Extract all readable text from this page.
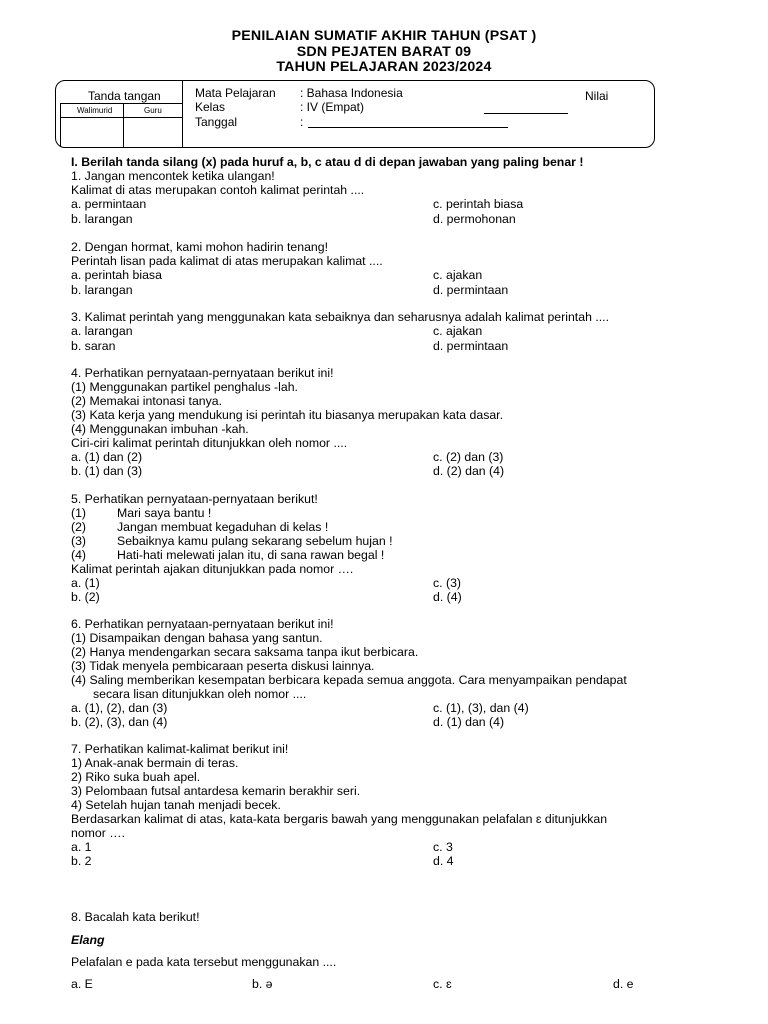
PENILAIAN SUMATIF AKHIR TAHUN (PSAT )
SDN PEJATEN BARAT 09
TAHUN PELAJARAN 2023/2024
Tanda tangan
Walimurid	Guru
Mata Pelajaran : Bahasa Indonesia
Kelas	: IV (Empat)
Tanggal	:
Nilai
I. Berilah tanda silang (x) pada huruf a, b, c atau d di depan jawaban yang paling benar !
1. Jangan mencontek ketika ulangan!
Kalimat di atas merupakan contoh kalimat perintah ....
a. permintaan	c. perintah biasa
b. larangan	d. permohonan
2. Dengan hormat, kami mohon hadirin tenang!
Perintah lisan pada kalimat di atas merupakan kalimat ....
a. perintah biasa	c. ajakan
b. larangan	d. permintaan
3. Kalimat perintah yang menggunakan kata sebaiknya dan seharusnya adalah kalimat perintah ....
a. larangan	c. ajakan
b. saran	d. permintaan
4. Perhatikan pernyataan-pernyataan berikut ini!
(1) Menggunakan partikel penghalus -lah.
(2) Memakai intonasi tanya.
(3) Kata kerja yang mendukung isi perintah itu biasanya merupakan kata dasar.
(4) Menggunakan imbuhan -kah.
Ciri-ciri kalimat perintah ditunjukkan oleh nomor ....
a. (1) dan (2)	c. (2) dan (3)
b. (1) dan (3)	d. (2) dan (4)
5. Perhatikan pernyataan-pernyataan berikut!
(1)	Mari saya bantu !
(2)	Jangan membuat kegaduhan di kelas !
(3)	Sebaiknya kamu pulang sekarang sebelum hujan !
(4)	Hati-hati melewati jalan itu, di sana rawan begal !
Kalimat perintah ajakan ditunjukkan pada nomor ….
a. (1)	c. (3)
b. (2)	d. (4)
6. Perhatikan pernyataan-pernyataan berikut ini!
(1) Disampaikan dengan bahasa yang santun.
(2) Hanya mendengarkan secara saksama tanpa ikut berbicara.
(3) Tidak menyela pembicaraan peserta diskusi lainnya.
(4) Saling memberikan kesempatan berbicara kepada semua anggota. Cara menyampaikan pendapat
secara lisan ditunjukkan oleh nomor ....
a. (1), (2), dan (3)	c. (1), (3), dan (4)
b. (2), (3), dan (4)	d. (1) dan (4)
7. Perhatikan kalimat-kalimat berikut ini!
1) Anak-anak bermain di teras.
2) Riko suka buah apel.
3) Pelombaan futsal antardesa kemarin berakhir seri.
4) Setelah hujan tanah menjadi becek.
Berdasarkan kalimat di atas, kata-kata bergaris bawah yang menggunakan pelafalan ɛ ditunjukkan
nomor ….
a. 1	c. 3
b. 2	d. 4
8. Bacalah kata berikut!
Elang
Pelafalan e pada kata tersebut menggunakan ....
a. E	b. ə	c. ɛ	d. e
